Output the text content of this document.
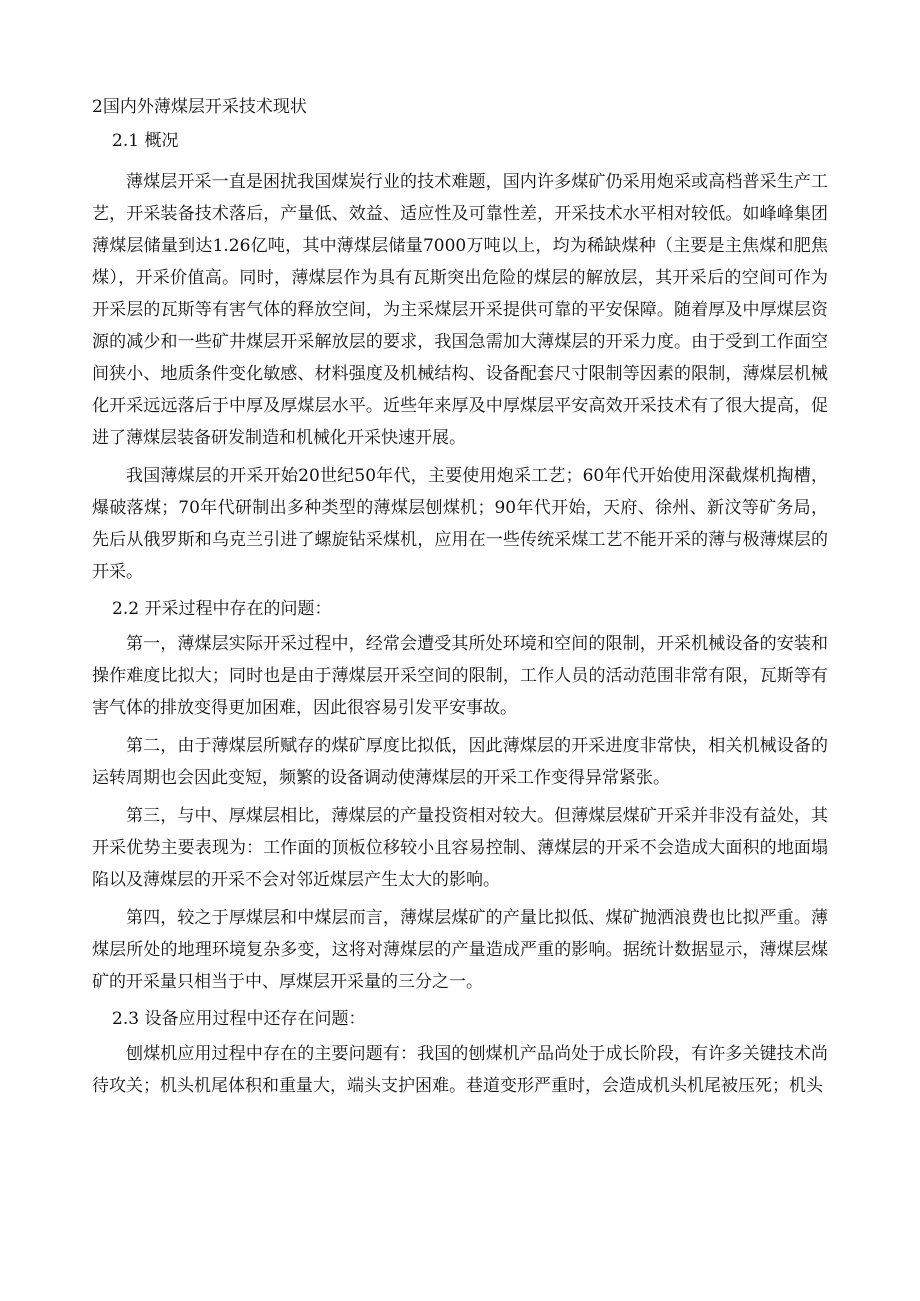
2国内外薄煤层开采技术现状
2.1 概况

薄煤层开采一直是困扰我国煤炭行业的技术难题，国内许多煤矿仍采用炮采或高档普采生产工艺，开采装备技术落后，产量低、效益、适应性及可靠性差，开采技术水平相对较低。如峰峰集团薄煤层储量到达1.26亿吨，其中薄煤层储量7000万吨以上，均为稀缺煤种（主要是主焦煤和肥焦煤），开采价值高。同时，薄煤层作为具有瓦斯突出危险的煤层的解放层，其开采后的空间可作为开采层的瓦斯等有害气体的释放空间，为主采煤层开采提供可靠的平安保障。随着厚及中厚煤层资源的减少和一些矿井煤层开采解放层的要求，我国急需加大薄煤层的开采力度。由于受到工作面空间狭小、地质条件变化敏感、材料强度及机械结构、设备配套尺寸限制等因素的限制，薄煤层机械化开采远远落后于中厚及厚煤层水平。近些年来厚及中厚煤层平安高效开采技术有了很大提高，促进了薄煤层装备研发制造和机械化开采快速开展。

我国薄煤层的开采开始20世纪50年代，主要使用炮采工艺；60年代开始使用深截煤机掏槽，爆破落煤；70年代研制出多种类型的薄煤层刨煤机；90年代开始，天府、徐州、新汶等矿务局，先后从俄罗斯和乌克兰引进了螺旋钻采煤机，应用在一些传统采煤工艺不能开采的薄与极薄煤层的开采。

2.2 开采过程中存在的问题：

第一，薄煤层实际开采过程中，经常会遭受其所处环境和空间的限制，开采机械设备的安装和操作难度比拟大；同时也是由于薄煤层开采空间的限制，工作人员的活动范围非常有限，瓦斯等有害气体的排放变得更加困难，因此很容易引发平安事故。

第二，由于薄煤层所赋存的煤矿厚度比拟低，因此薄煤层的开采进度非常快，相关机械设备的运转周期也会因此变短，频繁的设备调动使薄煤层的开采工作变得异常紧张。

第三，与中、厚煤层相比，薄煤层的产量投资相对较大。但薄煤层煤矿开采并非没有益处，其开采优势主要表现为：工作面的顶板位移较小且容易控制、薄煤层的开采不会造成大面积的地面塌陷以及薄煤层的开采不会对邻近煤层产生太大的影响。

第四，较之于厚煤层和中煤层而言，薄煤层煤矿的产量比拟低、煤矿抛洒浪费也比拟严重。薄煤层所处的地理环境复杂多变，这将对薄煤层的产量造成严重的影响。据统计数据显示，薄煤层煤矿的开采量只相当于中、厚煤层开采量的三分之一。

2.3 设备应用过程中还存在问题：

刨煤机应用过程中存在的主要问题有：我国的刨煤机产品尚处于成长阶段，有许多关键技术尚待攻关；机头机尾体积和重量大，端头支护困难。巷道变形严重时，会造成机头机尾被压死；机头
